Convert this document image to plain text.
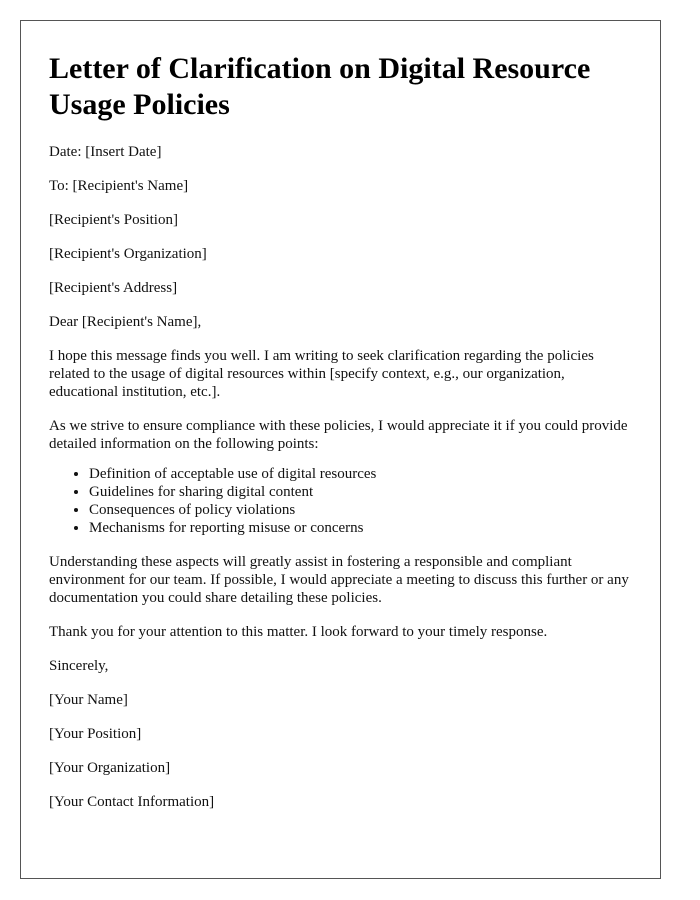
Letter of Clarification on Digital Resource Usage Policies

Date: [Insert Date]

To: [Recipient's Name]

[Recipient's Position]

[Recipient's Organization]

[Recipient's Address]

Dear [Recipient's Name],

I hope this message finds you well. I am writing to seek clarification regarding the policies related to the usage of digital resources within [specify context, e.g., our organization, educational institution, etc.].

As we strive to ensure compliance with these policies, I would appreciate it if you could provide detailed information on the following points:

• Definition of acceptable use of digital resources
• Guidelines for sharing digital content
• Consequences of policy violations
• Mechanisms for reporting misuse or concerns

Understanding these aspects will greatly assist in fostering a responsible and compliant environment for our team. If possible, I would appreciate a meeting to discuss this further or any documentation you could share detailing these policies.

Thank you for your attention to this matter. I look forward to your timely response.

Sincerely,

[Your Name]

[Your Position]

[Your Organization]

[Your Contact Information]
